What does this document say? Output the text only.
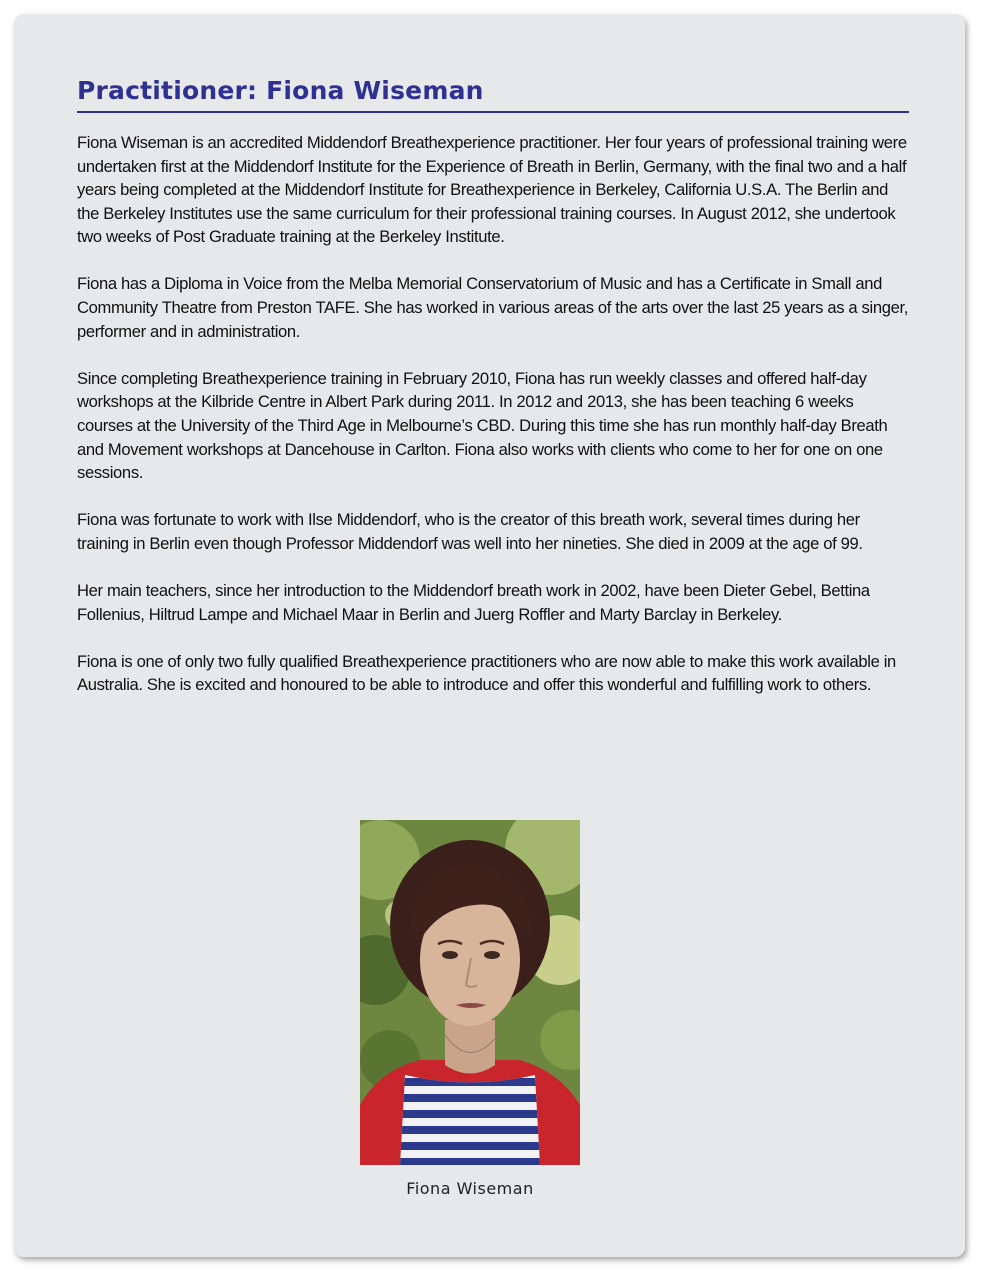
Practitioner: Fiona Wiseman

Fiona Wiseman is an accredited Middendorf Breathexperience practitioner. Her four years of professional training were undertaken first at the Middendorf Institute for the Experience of Breath in Berlin, Germany, with the final two and a half years being completed at the Middendorf Institute for Breathexperience in Berkeley, California U.S.A. The Berlin and the Berkeley Institutes use the same curriculum for their professional training courses. In August 2012, she undertook two weeks of Post Graduate training at the Berkeley Institute.

Fiona has a Diploma in Voice from the Melba Memorial Conservatorium of Music and has a Certificate in Small and Community Theatre from Preston TAFE. She has worked in various areas of the arts over the last 25 years as a singer, performer and in administration.

Since completing Breathexperience training in February 2010, Fiona has run weekly classes and offered half-day workshops at the Kilbride Centre in Albert Park during 2011. In 2012 and 2013, she has been teaching 6 weeks courses at the University of the Third Age in Melbourne’s CBD. During this time she has run monthly half-day Breath and Movement workshops at Dancehouse in Carlton. Fiona also works with clients who come to her for one on one sessions.

Fiona was fortunate to work with Ilse Middendorf, who is the creator of this breath work, several times during her training in Berlin even though Professor Middendorf was well into her nineties. She died in 2009 at the age of 99.

Her main teachers, since her introduction to the Middendorf breath work in 2002, have been Dieter Gebel, Bettina Follenius, Hiltrud Lampe and Michael Maar in Berlin and Juerg Roffler and Marty Barclay in Berkeley.

Fiona is one of only two fully qualified Breathexperience practitioners who are now able to make this work available in Australia. She is excited and honoured to be able to introduce and offer this wonderful and fulfilling work to others.

Fiona Wiseman
